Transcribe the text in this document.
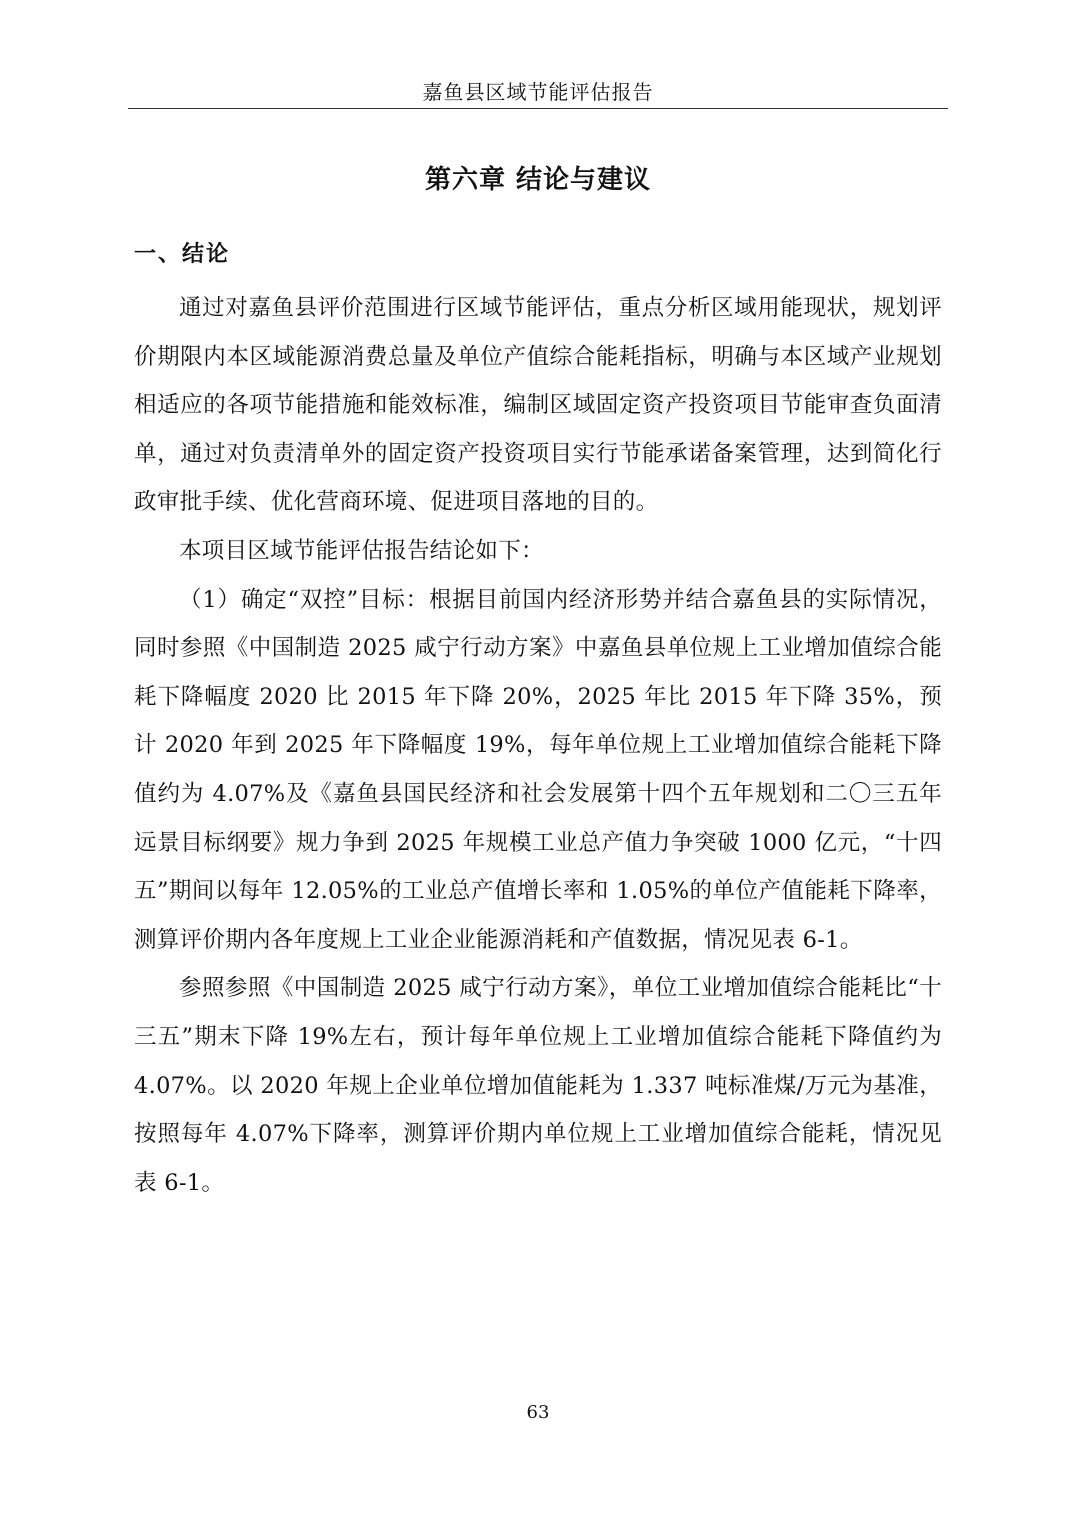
嘉鱼县区域节能评估报告
第六章 结论与建议
一、结论

通过对嘉鱼县评价范围进行区域节能评估，重点分析区域用能现状，规划评价期限内本区域能源消费总量及单位产值综合能耗指标，明确与本区域产业规划相适应的各项节能措施和能效标准，编制区域固定资产投资项目节能审查负面清单，通过对负责清单外的固定资产投资项目实行节能承诺备案管理，达到简化行政审批手续、优化营商环境、促进项目落地的目的。

本项目区域节能评估报告结论如下：

（1）确定“双控”目标：根据目前国内经济形势并结合嘉鱼县的实际情况，同时参照《中国制造 2025 咸宁行动方案》中嘉鱼县单位规上工业增加值综合能耗下降幅度 2020 比 2015 年下降 20%，2025 年比 2015 年下降 35%，预计 2020 年到 2025 年下降幅度 19%，每年单位规上工业增加值综合能耗下降值约为 4.07%及《嘉鱼县国民经济和社会发展第十四个五年规划和二〇三五年远景目标纲要》规力争到 2025 年规模工业总产值力争突破 1000 亿元，“十四五”期间以每年 12.05%的工业总产值增长率和 1.05%的单位产值能耗下降率，测算评价期内各年度规上工业企业能源消耗和产值数据，情况见表 6-1。

参照参照《中国制造 2025 咸宁行动方案》，单位工业增加值综合能耗比“十三五”期末下降 19%左右，预计每年单位规上工业增加值综合能耗下降值约为 4.07%。以 2020 年规上企业单位增加值能耗为 1.337 吨标准煤/万元为基准，按照每年 4.07%下降率，测算评价期内单位规上工业增加值综合能耗，情况见表 6-1。

63
